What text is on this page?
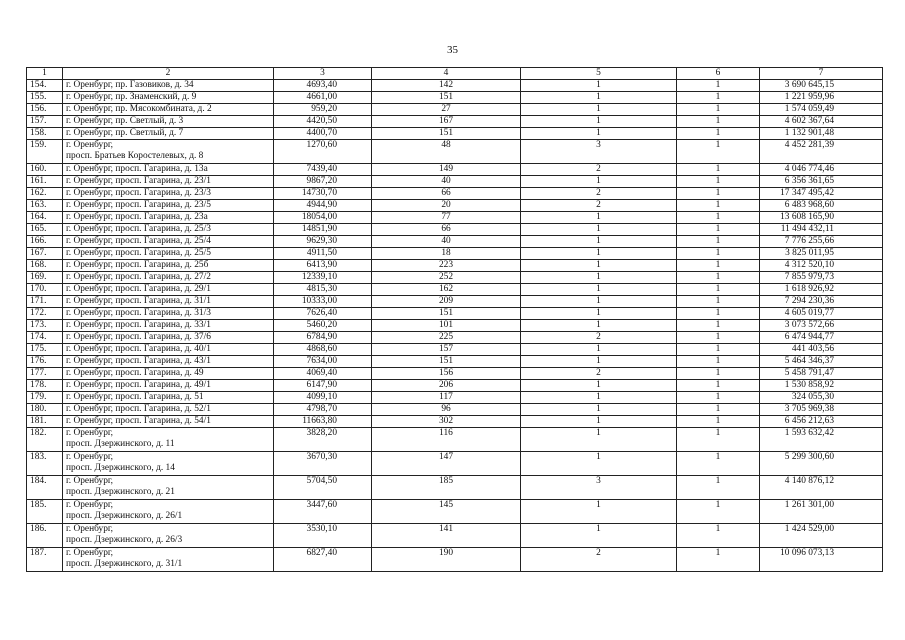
35
1	2	3	4	5	6	7
154.	г. Оренбург, пр. Газовиков, д. 34	4693,40	142	1	1	3 690 645,15
155.	г. Оренбург, пр. Знаменский, д. 9	4661,00	151	1	1	1 221 959,96
156.	г. Оренбург, пр. Мясокомбината, д. 2	959,20	27	1	1	1 574 059,49
157.	г. Оренбург, пр. Светлый, д. 3	4420,50	167	1	1	4 602 367,64
158.	г. Оренбург, пр. Светлый, д. 7	4400,70	151	1	1	1 132 901,48
159.	г. Оренбург,
просп. Братьев Коростелевых, д. 8	1270,60	48	3	1	4 452 281,39
160.	г. Оренбург, просп. Гагарина, д. 13а	7439,40	149	2	1	4 046 774,46
161.	г. Оренбург, просп. Гагарина, д. 23/1	9867,20	40	1	1	6 356 361,65
162.	г. Оренбург, просп. Гагарина, д. 23/3	14730,70	66	2	1	17 347 495,42
163.	г. Оренбург, просп. Гагарина, д. 23/5	4944,90	20	2	1	6 483 968,60
164.	г. Оренбург, просп. Гагарина, д. 23а	18054,00	77	1	1	13 608 165,90
165.	г. Оренбург, просп. Гагарина, д. 25/3	14851,90	66	1	1	11 494 432,11
166.	г. Оренбург, просп. Гагарина, д. 25/4	9629,30	40	1	1	7 776 255,66
167.	г. Оренбург, просп. Гагарина, д. 25/5	4911,50	18	1	1	3 825 011,95
168.	г. Оренбург, просп. Гагарина, д. 25б	6413,90	223	1	1	4 312 520,10
169.	г. Оренбург, просп. Гагарина, д. 27/2	12339,10	252	1	1	7 855 979,73
170.	г. Оренбург, просп. Гагарина, д. 29/1	4815,30	162	1	1	1 618 926,92
171.	г. Оренбург, просп. Гагарина, д. 31/1	10333,00	209	1	1	7 294 230,36
172.	г. Оренбург, просп. Гагарина, д. 31/3	7626,40	151	1	1	4 605 019,77
173.	г. Оренбург, просп. Гагарина, д. 33/1	5460,20	101	1	1	3 073 572,66
174.	г. Оренбург, просп. Гагарина, д. 37/6	6784,90	225	2	1	6 474 944,77
175.	г. Оренбург, просп. Гагарина, д. 40/1	4868,60	157	1	1	441 403,56
176.	г. Оренбург, просп. Гагарина, д. 43/1	7634,00	151	1	1	5 464 346,37
177.	г. Оренбург, просп. Гагарина, д. 49	4069,40	156	2	1	5 458 791,47
178.	г. Оренбург, просп. Гагарина, д. 49/1	6147,90	206	1	1	1 530 858,92
179.	г. Оренбург, просп. Гагарина, д. 51	4099,10	117	1	1	324 055,30
180.	г. Оренбург, просп. Гагарина, д. 52/1	4798,70	96	1	1	3 705 969,38
181.	г. Оренбург, просп. Гагарина, д. 54/1	11663,80	302	1	1	6 456 212,63
182.	г. Оренбург,
просп. Дзержинского, д. 11	3828,20	116	1	1	1 593 632,42
183.	г. Оренбург,
просп. Дзержинского, д. 14	3670,30	147	1	1	5 299 300,60
184.	г. Оренбург,
просп. Дзержинского, д. 21	5704,50	185	3	1	4 140 876,12
185.	г. Оренбург,
просп. Дзержинского, д. 26/1	3447,60	145	1	1	1 261 301,00
186.	г. Оренбург,
просп. Дзержинского, д. 26/3	3530,10	141	1	1	1 424 529,00
187.	г. Оренбург,
просп. Дзержинского, д. 31/1	6827,40	190	2	1	10 096 073,13
